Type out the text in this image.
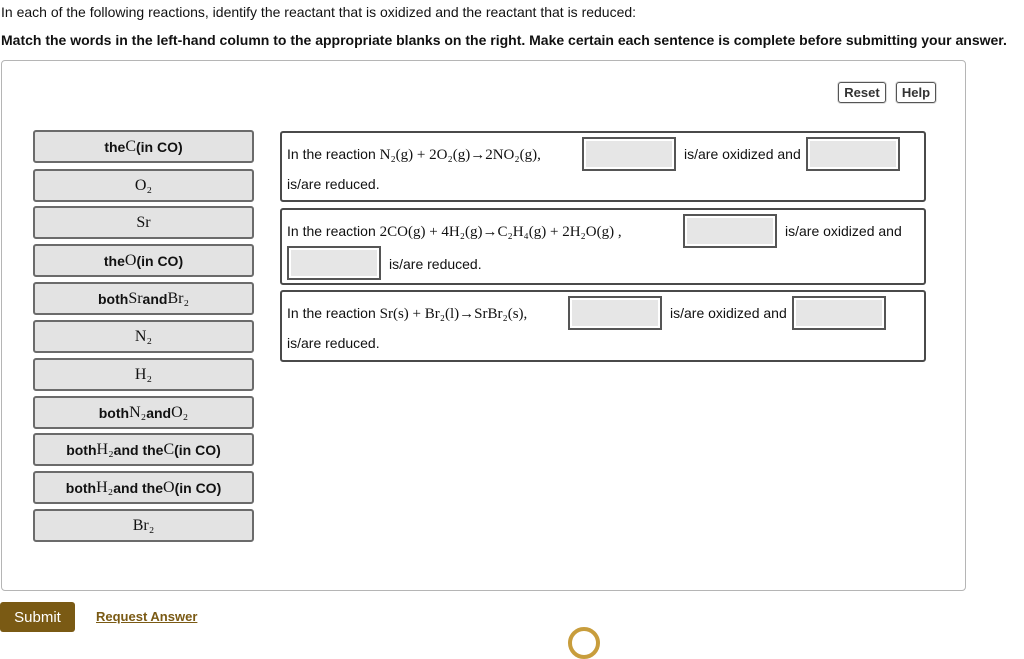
In each of the following reactions, identify the reactant that is oxidized and the reactant that is reduced:
Match the words in the left-hand column to the appropriate blanks on the right. Make certain each sentence is complete before submitting your answer.
Reset	Help
the C (in CO)
O₂
Sr
the O (in CO)
both Sr and Br₂
N₂
H₂
both N₂ and O₂
both H₂ and the C (in CO)
both H₂ and the O (in CO)
Br₂
In the reaction N₂(g) + 2O₂(g)→2NO₂(g),	is/are oxidized and
is/are reduced.
In the reaction 2CO(g) + 4H₂(g)→C₂H₄(g) + 2H₂O(g) ,	is/are oxidized and
is/are reduced.
In the reaction Sr(s) + Br₂(l)→SrBr₂(s),	is/are oxidized and
is/are reduced.
Submit	Request Answer
